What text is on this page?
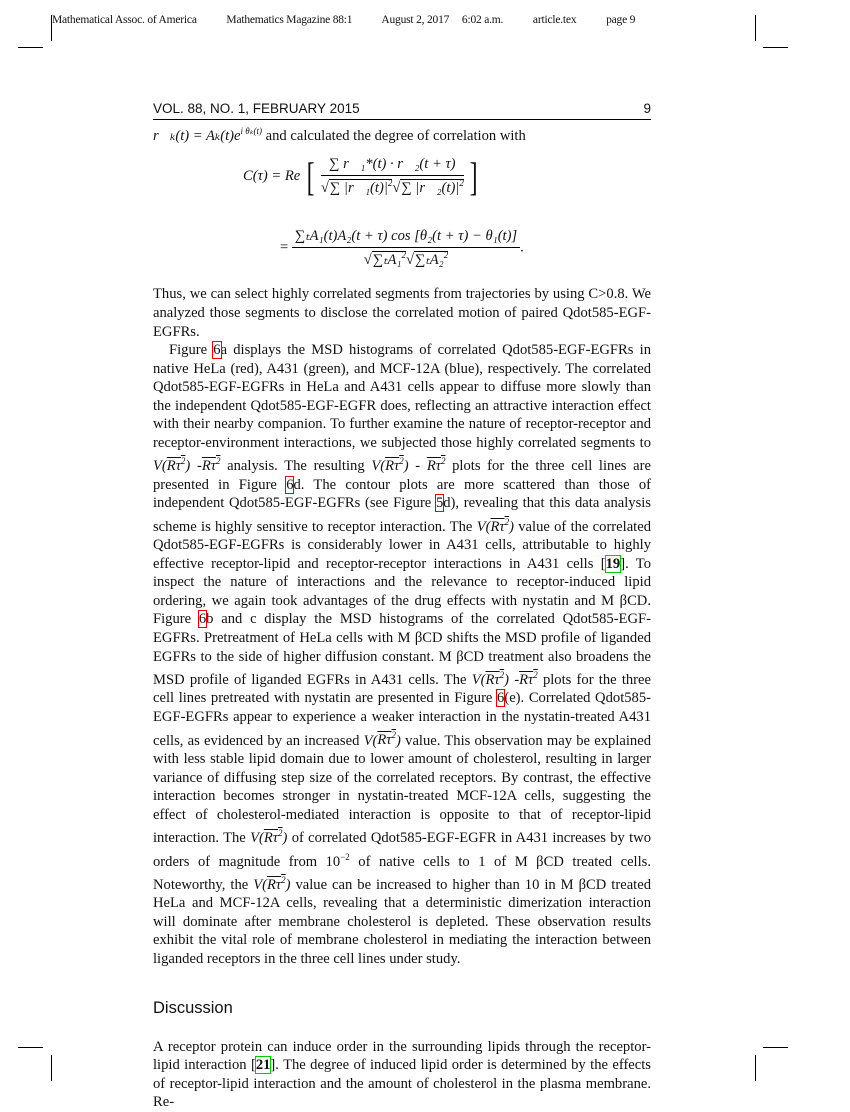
Mathematical Assoc. of America	Mathematics Magazine 88:1	August 2, 2017 6:02 a.m.	article.tex	page 9
VOL. 88, NO. 1, FEBRUARY 2015	9
r⃗ₖ(t) = $A_k(t)e^{i \theta_k(t)}$ and calculated the degree of correlation with
C(τ) = Re [ $\frac{\text{∑ r⃗₁*(t) · r⃗₂(t + τ)}}{√\sum |r⃗_1(t)|^2√\sum |r⃗_2(t)|^2}$ ]
= $\frac{\text{∑ₜA₁(t)A₂(t + τ) cos [θ₂(t + τ) − θ₁(t)]}}{√\sum_tA_1^2√\sum_tA_2^2}$ .
Thus, we can select highly correlated segments from trajectories by using C>0.8. We analyzed those segments to disclose the correlated motion of paired Qdot585-EGF-EGFRs.
Figure 6a displays the MSD histograms of correlated Qdot585-EGF-EGFRs in native HeLa (red), A431 (green), and MCF-12A (blue), respectively. The correlated Qdot585-EGF-EGFRs in HeLa and A431 cells appear to diffuse more slowly than the independent Qdot585-EGF-EGFR does, reflecting an attractive interaction effect with their nearby companion. To further examine the nature of receptor-receptor and receptor-environment interactions, we subjected those highly correlated segments to $V(R\tau^2)$ $-R\tau^2$ analysis. The resulting $V(R\tau^2) - R\tau^2$ plots for the three cell lines are presented in Figure 6d. The contour plots are more scattered than those of independent Qdot585-EGF-EGFRs (see Figure 5d), revealing that this data analysis scheme is highly sensitive to receptor interaction. The $V(R\tau^2)$ value of the correlated Qdot585-EGF-EGFRs is considerably lower in A431 cells, attributable to highly effective receptor-lipid and receptor-receptor interactions in A431 cells [19]. To inspect the nature of interactions and the relevance to receptor-induced lipid ordering, we again took advantages of the drug effects with nystatin and M βCD. Figure 6b and c display the MSD histograms of the correlated Qdot585-EGF-EGFRs. Pretreatment of HeLa cells with M βCD shifts the MSD profile of liganded EGFRs to the side of higher diffusion constant. M βCD treatment also broadens the MSD profile of liganded EGFRs in A431 cells. The $V(R\tau^2)$ $-R\tau^2$ plots for the three cell lines pretreated with nystatin are presented in Figure 6(e). Correlated Qdot585-EGF-EGFRs appear to experience a weaker interaction in the nystatin-treated A431 cells, as evidenced by an increased $V(R\tau^2)$ value. This observation may be explained with less stable lipid domain due to lower amount of cholesterol, resulting in larger variance of diffusing step size of the correlated receptors. By contrast, the effective interaction becomes stronger in nystatin-treated MCF-12A cells, suggesting the effect of cholesterol-mediated interaction is opposite to that of receptor-lipid interaction. The $V(R\tau^2)$ of correlated Qdot585-EGF-EGFR in A431 increases by two orders of magnitude from $10^{-2}$ of native cells to 1 of M βCD treated cells. Noteworthy, the $V(R\tau^2)$ value can be increased to higher than 10 in M βCD treated HeLa and MCF-12A cells, revealing that a deterministic dimerization interaction will dominate after membrane cholesterol is depleted. These observation results exhibit the vital role of membrane cholesterol in mediating the interaction between liganded receptors in the three cell lines under study.
Discussion
A receptor protein can induce order in the surrounding lipids through the receptor-lipid interaction [21]. The degree of induced lipid order is determined by the effects of receptor-lipid interaction and the amount of cholesterol in the plasma membrane. Re-
